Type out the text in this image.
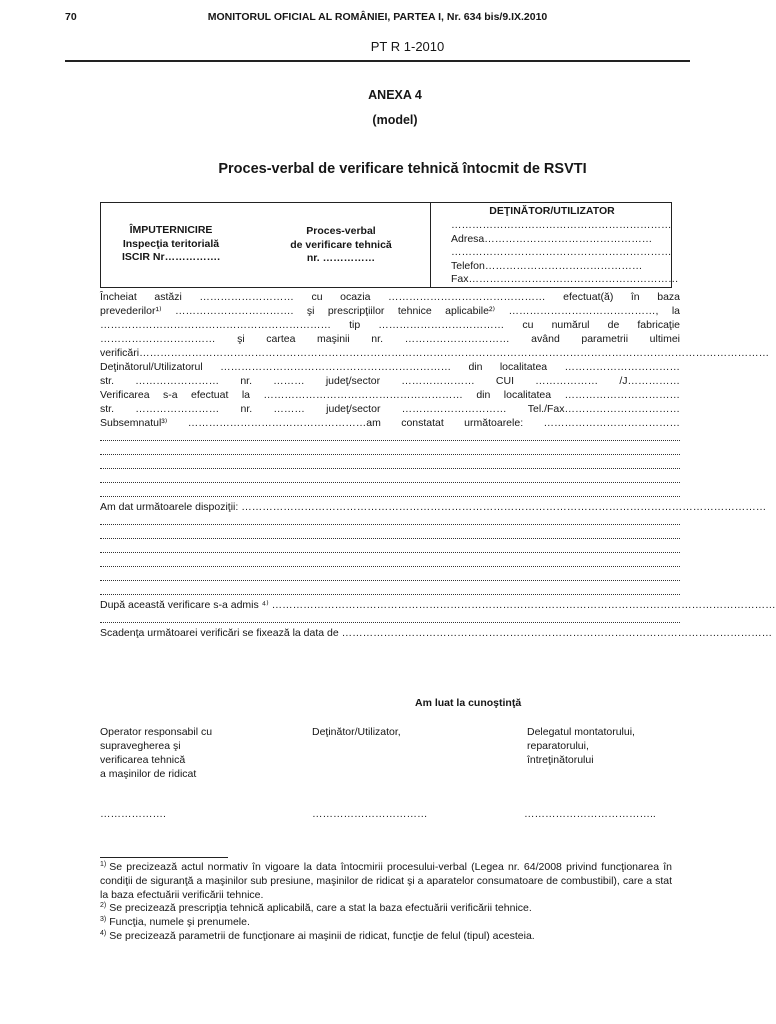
70	MONITORUL OFICIAL AL ROMÂNIEI, PARTEA I, Nr. 634 bis/9.IX.2010
PT R 1-2010
ANEXA 4
(model)
Proces-verbal de verificare tehnică întocmit de RSVTI
ÎMPUTERNICIRE
Inspecţia teritorială
ISCIR Nr…………….
Proces-verbal
de verificare tehnică
nr. ……………
DEŢINĂTOR/UTILIZATOR
………………………………………………………
Adresa…………………………………………
………………………………………………………
Telefon………………………………………
Fax……………………………………………………
Încheiat astăzi ……………………… cu ocazia ……………………………………… efectuat(ă) în baza
prevederilor¹⁾ ……………………………. şi prescripţiilor tehnice aplicabile²⁾ ……………………………………, la
………………………………………………………… tip ……………………………… cu numărul de fabricaţie
…………………………… şi cartea maşinii nr. ………………………… având parametrii ultimei
verificări………………………………………………………………………………………………………………………………………………………………
Deţinătorul/Utilizatorul ………………………………………………………… din localitatea ……………………………
str. …………………… nr. ……… judeţ/sector ………………… CUI ……………… /J……………
Verificarea s-a efectuat la ………………………………………………… din localitatea ……………………………
str. …………………… nr. ……… judeţ/sector ………………………… Tel./Fax……………………………
Subsemnatul³⁾ ……………………………………………am constatat următoarele: …………………………………
Am dat următoarele dispoziţii: ……………………………………………………………………………………………………………………………………
După această verificare s-a admis ⁴⁾ ………………………………………………………………………………………………………………………………
Scadenţa următoarei verificări se fixează la data de ……………………………………………………………………………………………………………
Am luat la cunoştinţă
Operator responsabil cu
supravegherea şi
verificarea tehnică
a maşinilor de ridicat
Deţinător/Utilizator,	Delegatul montatorului,
reparatorului,
întreţinătorului
……………….	……………………………	………………………………..
$^{1)}$ Se precizează actul normativ în vigoare la data întocmirii procesului-verbal (Legea nr. 64/2008 privind funcţionarea în condiţii de siguranţă a maşinilor sub presiune, maşinilor de ridicat şi a aparatelor consumatoare de combustibil), care a stat la baza efectuării verificării tehnice.
$^{2)}$ Se precizează prescripţia tehnică aplicabilă, care a stat la baza efectuării verificării tehnice.
$^{3)}$ Funcţia, numele şi prenumele.
$^{4)}$ Se precizează parametrii de funcţionare ai maşinii de ridicat, funcţie de felul (tipul) acesteia.
